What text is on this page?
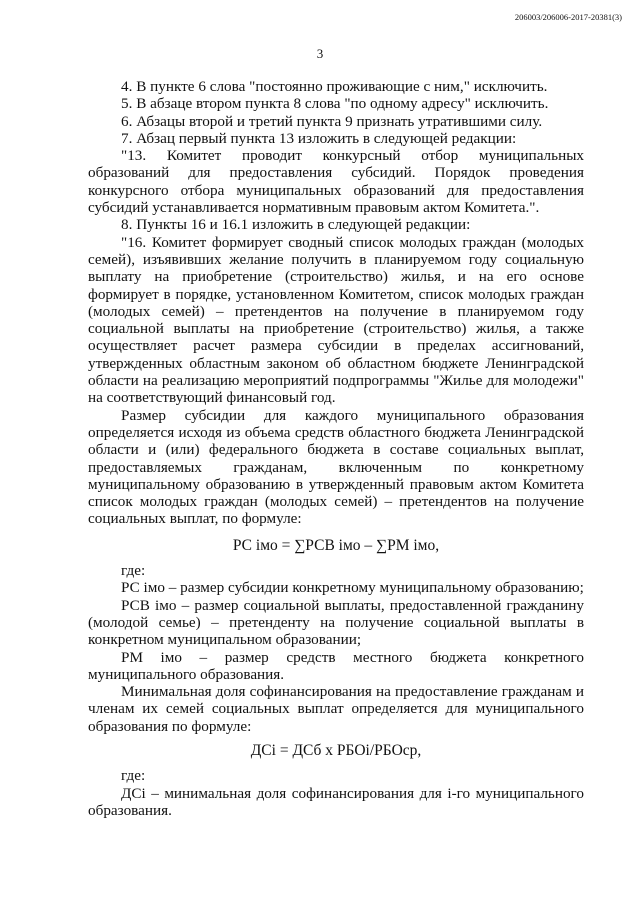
206003/206006-2017-20381(3)
3

4. В пункте 6 слова "постоянно проживающие с ним," исключить.

5. В абзаце втором пункта 8 слова "по одному адресу" исключить.

6. Абзацы второй и третий пункта 9 признать утратившими силу.

7. Абзац первый пункта 13 изложить в следующей редакции:

"13. Комитет проводит конкурсный отбор муниципальных образований для предоставления субсидий. Порядок проведения конкурсного отбора муниципальных образований для предоставления субсидий устанавливается нормативным правовым актом Комитета.".

8. Пункты 16 и 16.1 изложить в следующей редакции:

"16. Комитет формирует сводный список молодых граждан (молодых семей), изъявивших желание получить в планируемом году социальную выплату на приобретение (строительство) жилья, и на его основе формирует в порядке, установленном Комитетом, список молодых граждан (молодых семей) – претендентов на получение в планируемом году социальной выплаты на приобретение (строительство) жилья, а также осуществляет расчет размера субсидии в пределах ассигнований, утвержденных областным законом об областном бюджете Ленинградской области на реализацию мероприятий подпрограммы "Жилье для молодежи" на соответствующий финансовый год.

Размер субсидии для каждого муниципального образования определяется исходя из объема средств областного бюджета Ленинградской области и (или) федерального бюджета в составе социальных выплат, предоставляемых гражданам, включенным по конкретному муниципальному образованию в утвержденный правовым актом Комитета список молодых граждан (молодых семей) – претендентов на получение социальных выплат, по формуле:

РС iмо = ∑РСВ iмо – ∑РМ iмо,

где:

РС iмо – размер субсидии конкретному муниципальному образованию;

РСВ iмо – размер социальной выплаты, предоставленной гражданину (молодой семье) – претенденту на получение социальной выплаты в конкретном муниципальном образовании;

РМ iмо – размер средств местного бюджета конкретного муниципального образования.

Минимальная доля софинансирования на предоставление гражданам и членам их семей социальных выплат определяется для муниципального образования по формуле:

ДСi = ДСб х РБОi/РБОср,

где:

ДСi – минимальная доля софинансирования для i-го муниципального образования.
